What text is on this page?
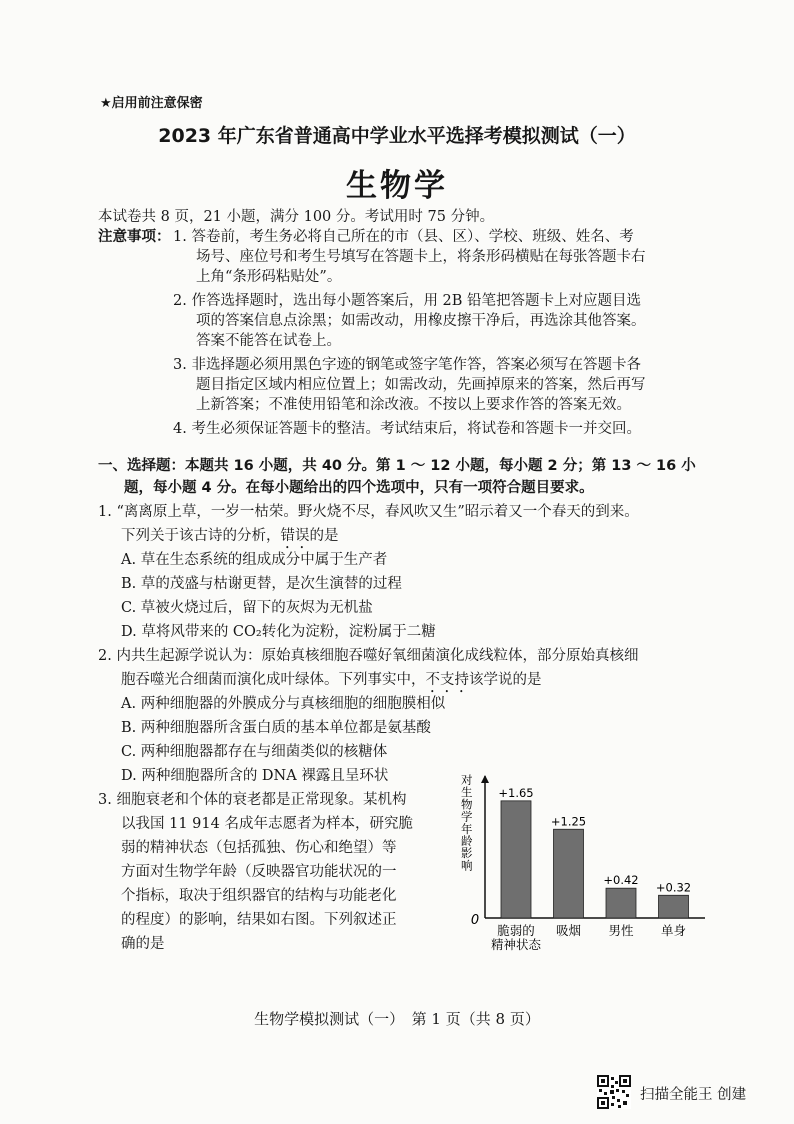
★启用前注意保密
2023 年广东省普通高中学业水平选择考模拟测试（一）
生物学
本试卷共 8 页，21 小题，满分 100 分。考试用时 75 分钟。
注意事项： 1. 答卷前，考生务必将自己所在的市（县、区）、学校、班级、姓名、考
场号、座位号和考生号填写在答题卡上，将条形码横贴在每张答题卡右
上角“条形码粘贴处”。
2. 作答选择题时，选出每小题答案后，用 2B 铅笔把答题卡上对应题目选
项的答案信息点涂黑；如需改动，用橡皮擦干净后，再选涂其他答案。
答案不能答在试卷上。
3. 非选择题必须用黑色字迹的钢笔或签字笔作答，答案必须写在答题卡各
题目指定区域内相应位置上；如需改动，先画掉原来的答案，然后再写
上新答案；不准使用铅笔和涂改液。不按以上要求作答的答案无效。
4. 考生必须保证答题卡的整洁。考试结束后，将试卷和答题卡一并交回。
一、选择题：本题共 16 小题，共 40 分。第 1 ～ 12 小题，每小题 2 分；第 13 ～ 16 小
题，每小题 4 分。在每小题给出的四个选项中，只有一项符合题目要求。
1. “离离原上草，一岁一枯荣。野火烧不尽，春风吹又生”昭示着又一个春天的到来。
下列关于该古诗的分析，错误的是
A. 草在生态系统的组成成分中属于生产者
B. 草的茂盛与枯谢更替，是次生演替的过程
C. 草被火烧过后，留下的灰烬为无机盐
D. 草将风带来的 CO₂转化为淀粉，淀粉属于二糖
2. 内共生起源学说认为：原始真核细胞吞噬好氧细菌演化成线粒体，部分原始真核细
胞吞噬光合细菌而演化成叶绿体。下列事实中，不支持该学说的是
A. 两种细胞器的外膜成分与真核细胞的细胞膜相似
B. 两种细胞器所含蛋白质的基本单位都是氨基酸
C. 两种细胞器都存在与细菌类似的核糖体
D. 两种细胞器所含的 DNA 裸露且呈环状
3. 细胞衰老和个体的衰老都是正常现象。某机构
以我国 11 914 名成年志愿者为样本，研究脆
弱的精神状态（包括孤独、伤心和绝望）等
方面对生物学年龄（反映器官功能状况的一
个指标，取决于组织器官的结构与功能老化
的程度）的影响，结果如右图。下列叙述正
确的是
0
对生物学年龄影响
+1.65
脆弱的
精神状态
+1.25
吸烟
+0.42
男性
+0.32
单身
生物学模拟测试（一）　第 1 页（共 8 页）
扫描全能王 创建
